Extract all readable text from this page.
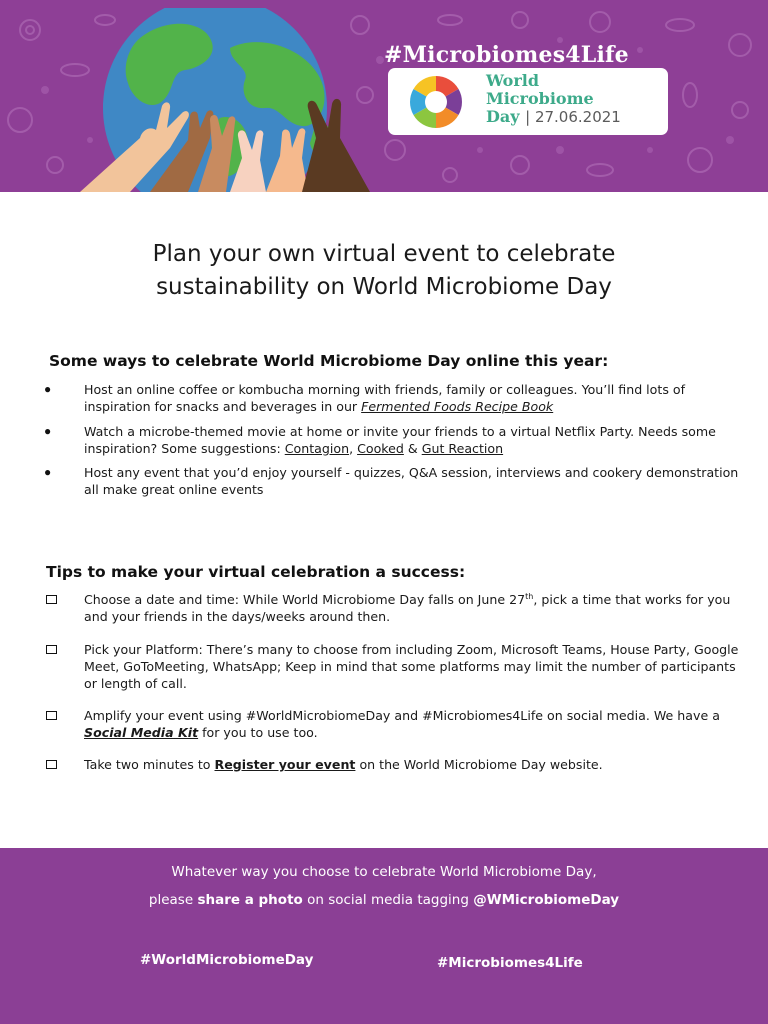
#Microbiomes4Life
World
Microbiome
Day | 27.06.2021
Plan your own virtual event to celebrate
sustainability on World Microbiome Day
Some ways to celebrate World Microbiome Day online this year:
●	Host an online coffee or kombucha morning with friends, family or colleagues. You’ll find lots of inspiration for snacks and beverages in our Fermented Foods Recipe Book
●	Watch a microbe-themed movie at home or invite your friends to a virtual Netflix Party. Needs some inspiration? Some suggestions: Contagion, Cooked & Gut Reaction
●	Host any event that you’d enjoy yourself - quizzes, Q&A session, interviews and cookery demonstration all make great online events
Tips to make your virtual celebration a success:
Choose a date and time: While World Microbiome Day falls on June 27th, pick a time that works for you and your friends in the days/weeks around then.
Pick your Platform: There’s many to choose from including Zoom, Microsoft Teams, House Party, Google Meet, GoToMeeting, WhatsApp; Keep in mind that some platforms may limit the number of participants or length of call.
Amplify your event using #WorldMicrobiomeDay and #Microbiomes4Life on social media. We have a Social Media Kit for you to use too.
Take two minutes to Register your event on the World Microbiome Day website.
Whatever way you choose to celebrate World Microbiome Day,
please share a photo on social media tagging @WMicrobiomeDay
#WorldMicrobiomeDay	#Microbiomes4Life
